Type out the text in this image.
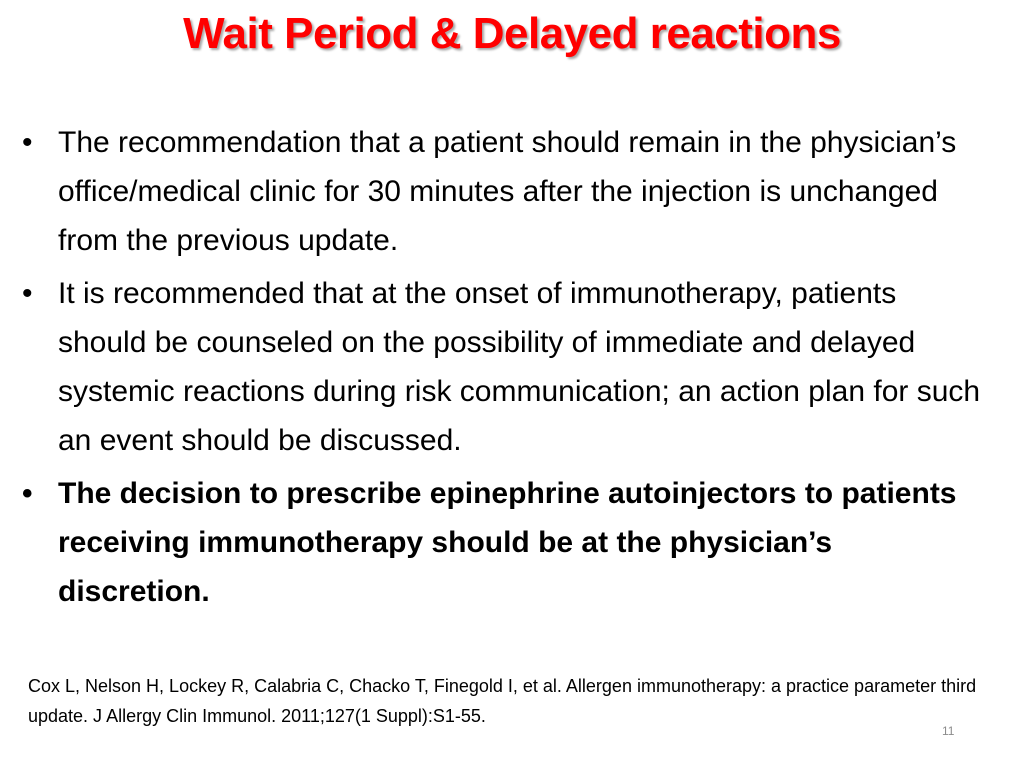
Wait Period & Delayed reactions
• The recommendation that a patient should remain in the physician’s office/medical clinic for 30 minutes after the injection is unchanged from the previous update.
• It is recommended that at the onset of immunotherapy, patients should be counseled on the possibility of immediate and delayed systemic reactions during risk communication; an action plan for such an event should be discussed.
• The decision to prescribe epinephrine autoinjectors to patients receiving immunotherapy should be at the physician’s discretion.

Cox L, Nelson H, Lockey R, Calabria C, Chacko T, Finegold I, et al. Allergen immunotherapy: a practice parameter third update. J Allergy Clin Immunol. 2011;127(1 Suppl):S1-55.

11
